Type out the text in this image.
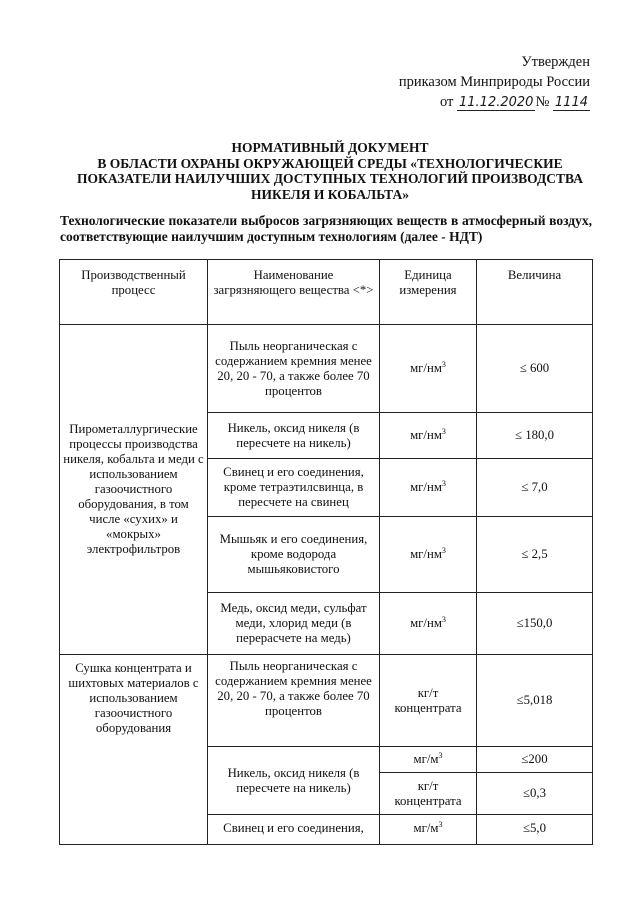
Утвержден
приказом Минприроды России
от 11.12.2020 № 1114
НОРМАТИВНЫЙ ДОКУМЕНТ
В ОБЛАСТИ ОХРАНЫ ОКРУЖАЮЩЕЙ СРЕДЫ «ТЕХНОЛОГИЧЕСКИЕ
ПОКАЗАТЕЛИ НАИЛУЧШИХ ДОСТУПНЫХ ТЕХНОЛОГИЙ ПРОИЗВОДСТВА
НИКЕЛЯ И КОБАЛЬТА»
Технологические показатели выбросов загрязняющих веществ в атмосферный воздух, соответствующие наилучшим доступным технологиям (далее - НДТ)
Производственный процесс	Наименование загрязняющего вещества <*>	Единица измерения	Величина
Пирометаллургические процессы производства никеля, кобальта и меди с использованием газоочистного оборудования, в том числе «сухих» и «мокрых» электрофильтров	Пыль неорганическая с содержанием кремния менее 20, 20 - 70, а также более 70 процентов	$мг/нм^3$	≤ 600
	Никель, оксид никеля (в пересчете на никель)	$мг/нм^3$	≤ 180,0
	Свинец и его соединения, кроме тетраэтилсвинца, в пересчете на свинец	$мг/нм^3$	≤ 7,0
	Мышьяк и его соединения, кроме водорода мышьяковистого	$мг/нм^3$	≤ 2,5
	Медь, оксид меди, сульфат меди, хлорид меди (в перерасчете на медь)	$мг/нм^3$	≤150,0
Сушка концентрата и шихтовых материалов с использованием газоочистного оборудования	Пыль неорганическая с содержанием кремния менее 20, 20 - 70, а также более 70 процентов	кг/т концентрата	≤5,018
	Никель, оксид никеля (в пересчете на никель)	$мг/м^3$	≤200
		кг/т концентрата	≤0,3
	Свинец и его соединения,	$мг/м^3$	≤5,0
